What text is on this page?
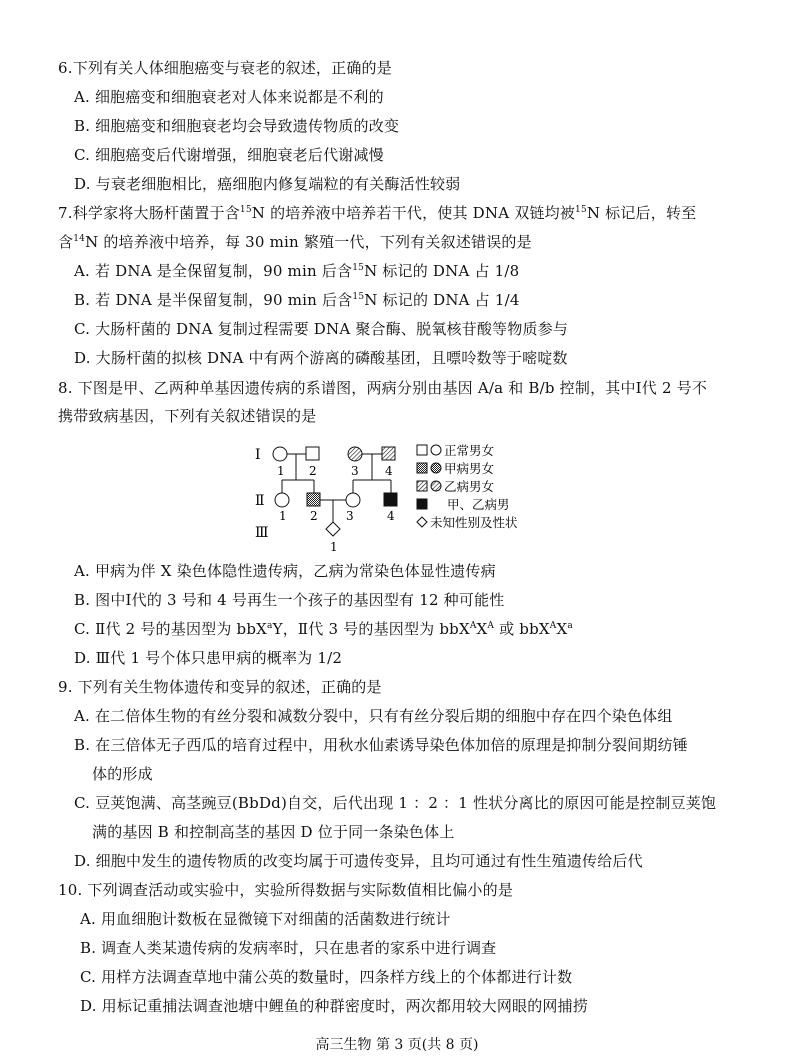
6.下列有关人体细胞癌变与衰老的叙述，正确的是
A. 细胞癌变和细胞衰老对人体来说都是不利的
B. 细胞癌变和细胞衰老均会导致遗传物质的改变
C. 细胞癌变后代谢增强，细胞衰老后代谢减慢
D. 与衰老细胞相比，癌细胞内修复端粒的有关酶活性较弱
7.科学家将大肠杆菌置于含$^{15}$N 的培养液中培养若干代，使其 DNA 双链均被$^{15}$N 标记后，转至
含$^{14}$N 的培养液中培养，每 30 min 繁殖一代，下列有关叙述错误的是
A. 若 DNA 是全保留复制，90 min 后含$^{15}$N 标记的 DNA 占 1/8
B. 若 DNA 是半保留复制，90 min 后含$^{15}$N 标记的 DNA 占 1/4
C. 大肠杆菌的 DNA 复制过程需要 DNA 聚合酶、脱氧核苷酸等物质参与
D. 大肠杆菌的拟核 DNA 中有两个游离的磷酸基团，且嘌呤数等于嘧啶数
8. 下图是甲、乙两种单基因遗传病的系谱图，两病分别由基因 A/a 和 B/b 控制，其中Ⅰ代 2 号不
携带致病基因，下列有关叙述错误的是
Ⅰ
Ⅱ
Ⅲ
1 2	3 4
1 2 3	4
1
正常男女
甲病男女
乙病男女
甲、乙病男
未知性别及性状
A. 甲病为伴 X 染色体隐性遗传病，乙病为常染色体显性遗传病
B. 图中Ⅰ代的 3 号和 4 号再生一个孩子的基因型有 12 种可能性
C. Ⅱ代 2 号的基因型为 bbX$^a$Y，Ⅱ代 3 号的基因型为 $bbX^AX^A$ 或 $bbX^AX^a$
D. Ⅲ代 1 号个体只患甲病的概率为 1/2
9. 下列有关生物体遗传和变异的叙述，正确的是
A. 在二倍体生物的有丝分裂和减数分裂中，只有有丝分裂后期的细胞中存在四个染色体组
B. 在三倍体无子西瓜的培育过程中，用秋水仙素诱导染色体加倍的原理是抑制分裂间期纺锤
体的形成
C. 豆荚饱满、高茎豌豆(BbDd)自交，后代出现 1 ：2 ：1 性状分离比的原因可能是控制豆荚饱
满的基因 B 和控制高茎的基因 D 位于同一条染色体上
D. 细胞中发生的遗传物质的改变均属于可遗传变异，且均可通过有性生殖遗传给后代
10. 下列调查活动或实验中，实验所得数据与实际数值相比偏小的是
A. 用血细胞计数板在显微镜下对细菌的活菌数进行统计
B. 调查人类某遗传病的发病率时，只在患者的家系中进行调查
C. 用样方法调查草地中蒲公英的数量时，四条样方线上的个体都进行计数
D. 用标记重捕法调查池塘中鲤鱼的种群密度时，两次都用较大网眼的网捕捞
高三生物 第 3 页(共 8 页)
